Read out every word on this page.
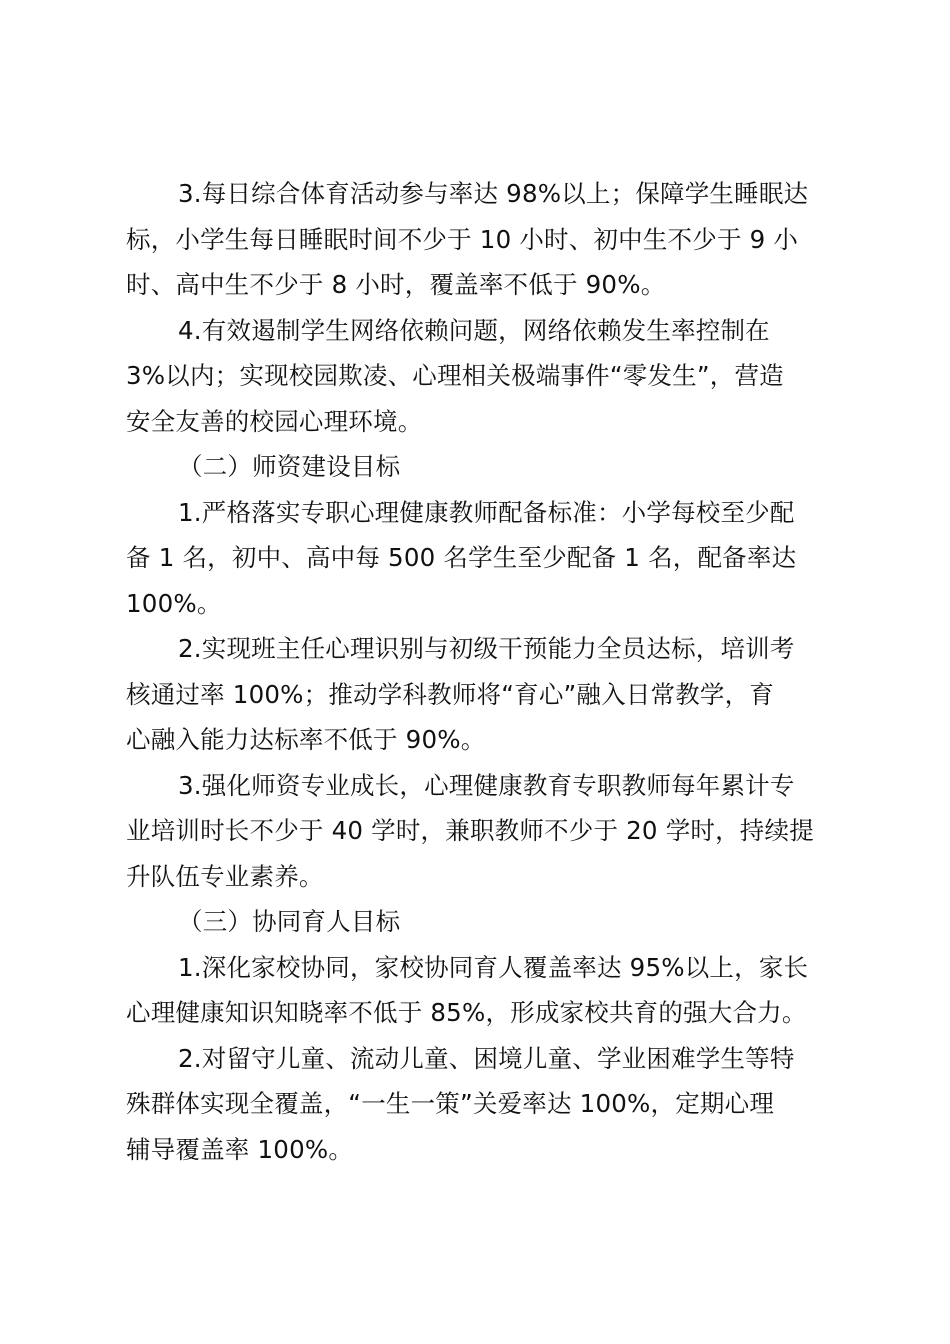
3.每日综合体育活动参与率达 98%以上；保障学生睡眠达
标，小学生每日睡眠时间不少于 10 小时、初中生不少于 9 小
时、高中生不少于 8 小时，覆盖率不低于 90%。
4.有效遏制学生网络依赖问题，网络依赖发生率控制在
3%以内；实现校园欺凌、心理相关极端事件“零发生”，营造
安全友善的校园心理环境。
（二）师资建设目标
1.严格落实专职心理健康教师配备标准：小学每校至少配
备 1 名，初中、高中每 500 名学生至少配备 1 名，配备率达
100%。
2.实现班主任心理识别与初级干预能力全员达标，培训考
核通过率 100%；推动学科教师将“育心”融入日常教学，育
心融入能力达标率不低于 90%。
3.强化师资专业成长，心理健康教育专职教师每年累计专
业培训时长不少于 40 学时，兼职教师不少于 20 学时，持续提
升队伍专业素养。
（三）协同育人目标
1.深化家校协同，家校协同育人覆盖率达 95%以上，家长
心理健康知识知晓率不低于 85%，形成家校共育的强大合力。
2.对留守儿童、流动儿童、困境儿童、学业困难学生等特
殊群体实现全覆盖，“一生一策”关爱率达 100%，定期心理
辅导覆盖率 100%。
